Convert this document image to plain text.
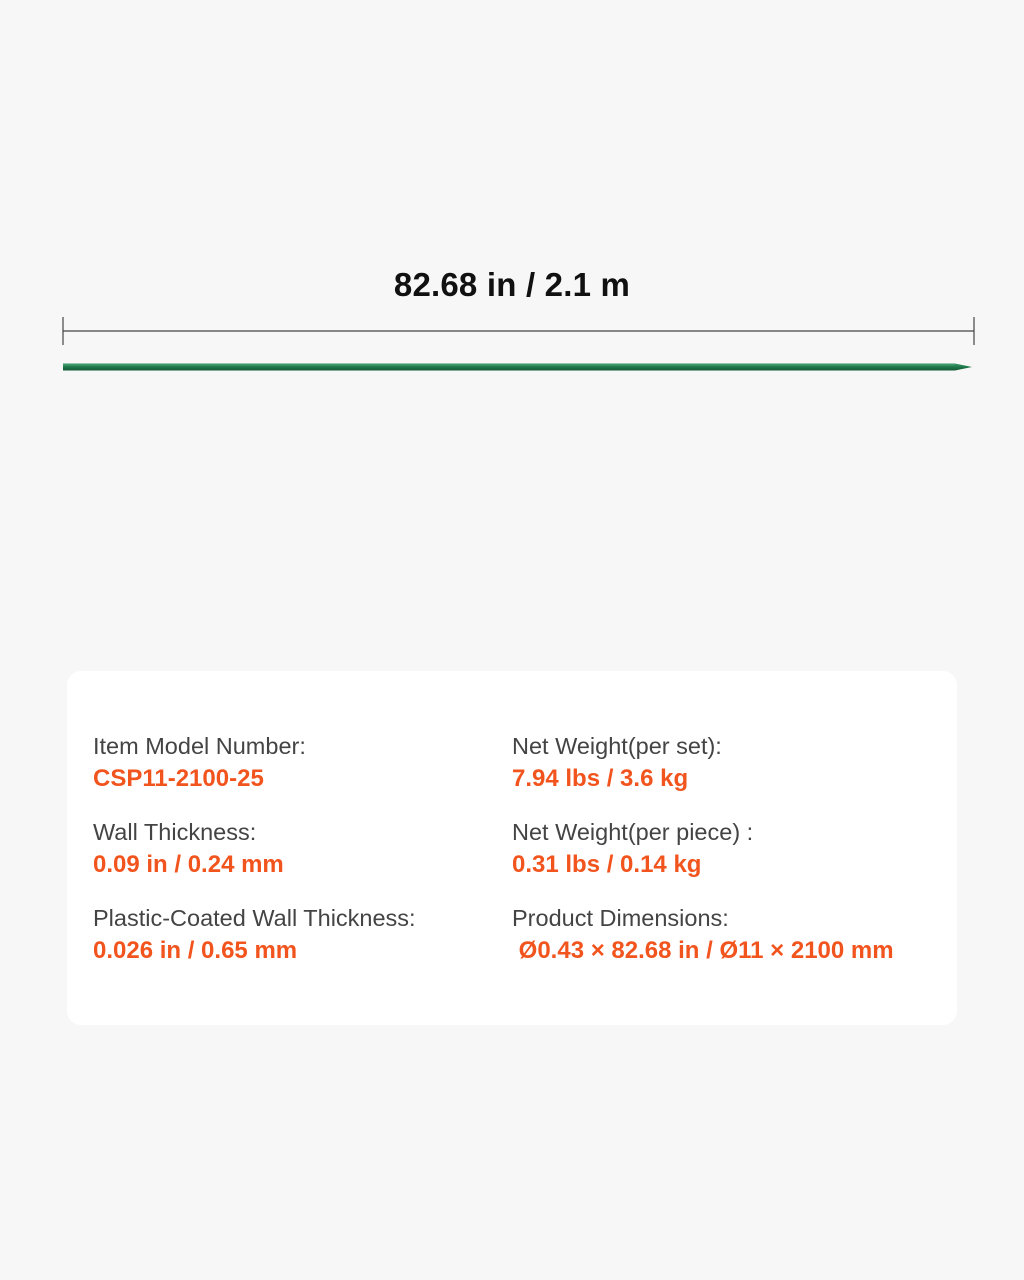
82.68 in / 2.1 m
Item Model Number:
CSP11-2100-25
Wall Thickness:
0.09 in / 0.24 mm
Plastic-Coated Wall Thickness:
0.026 in / 0.65 mm
Net Weight(per set):
7.94 lbs / 3.6 kg
Net Weight(per piece) :
0.31 lbs / 0.14 kg
Product Dimensions:
Ø0.43 × 82.68 in / Ø11 × 2100 mm
